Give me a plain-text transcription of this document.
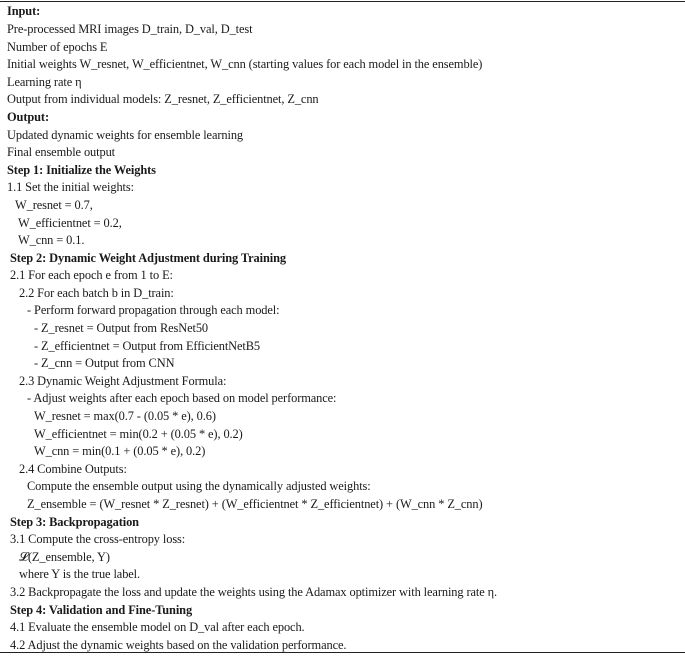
Input:
Pre-processed MRI images D_train, D_val, D_test
Number of epochs E
Initial weights W_resnet, W_efficientnet, W_cnn (starting values for each model in the ensemble)
Learning rate η
Output from individual models: Z_resnet, Z_efficientnet, Z_cnn
Output:
Updated dynamic weights for ensemble learning
Final ensemble output
Step 1: Initialize the Weights
1.1 Set the initial weights:
W_resnet = 0.7,
W_efficientnet = 0.2,
W_cnn = 0.1.
Step 2: Dynamic Weight Adjustment during Training
2.1 For each epoch e from 1 to E:
2.2 For each batch b in D_train:
- Perform forward propagation through each model:
- Z_resnet = Output from ResNet50
- Z_efficientnet = Output from EfficientNetB5
- Z_cnn = Output from CNN
2.3 Dynamic Weight Adjustment Formula:
- Adjust weights after each epoch based on model performance:
W_resnet = max(0.7 - (0.05 * e), 0.6)
W_efficientnet = min(0.2 + (0.05 * e), 0.2)
W_cnn = min(0.1 + (0.05 * e), 0.2)
2.4 Combine Outputs:
Compute the ensemble output using the dynamically adjusted weights:
Z_ensemble = (W_resnet * Z_resnet) + (W_efficientnet * Z_efficientnet) + (W_cnn * Z_cnn)
Step 3: Backpropagation
3.1 Compute the cross-entropy loss:
𝓛(Z_ensemble, Y)
where Y is the true label.
3.2 Backpropagate the loss and update the weights using the Adamax optimizer with learning rate η.
Step 4: Validation and Fine-Tuning
4.1 Evaluate the ensemble model on D_val after each epoch.
4.2 Adjust the dynamic weights based on the validation performance.
